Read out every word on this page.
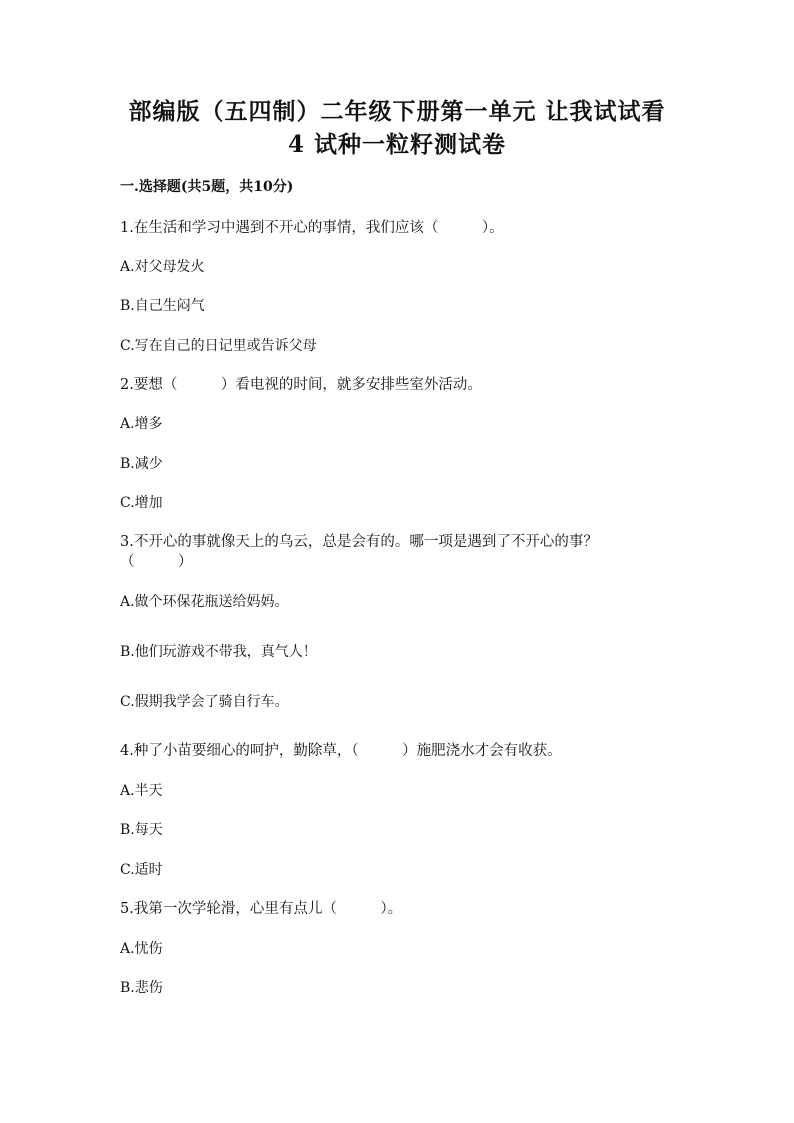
部编版（五四制）二年级下册第一单元 让我试试看
4 试种一粒籽测试卷
一.选择题(共5题，共10分)
1.在生活和学习中遇到不开心的事情，我们应该（　　　）。
A.对父母发火
B.自己生闷气
C.写在自己的日记里或告诉父母
2.要想（　　　）看电视的时间，就多安排些室外活动。
A.增多
B.减少
C.增加
3.不开心的事就像天上的乌云，总是会有的。哪一项是遇到了不开心的事？
（　　　）
A.做个环保花瓶送给妈妈。
B.他们玩游戏不带我，真气人！
C.假期我学会了骑自行车。
4.种了小苗要细心的呵护，勤除草，（　　　）施肥浇水才会有收获。
A.半天
B.每天
C.适时
5.我第一次学轮滑，心里有点儿（　　　）。
A.忧伤
B.悲伤
